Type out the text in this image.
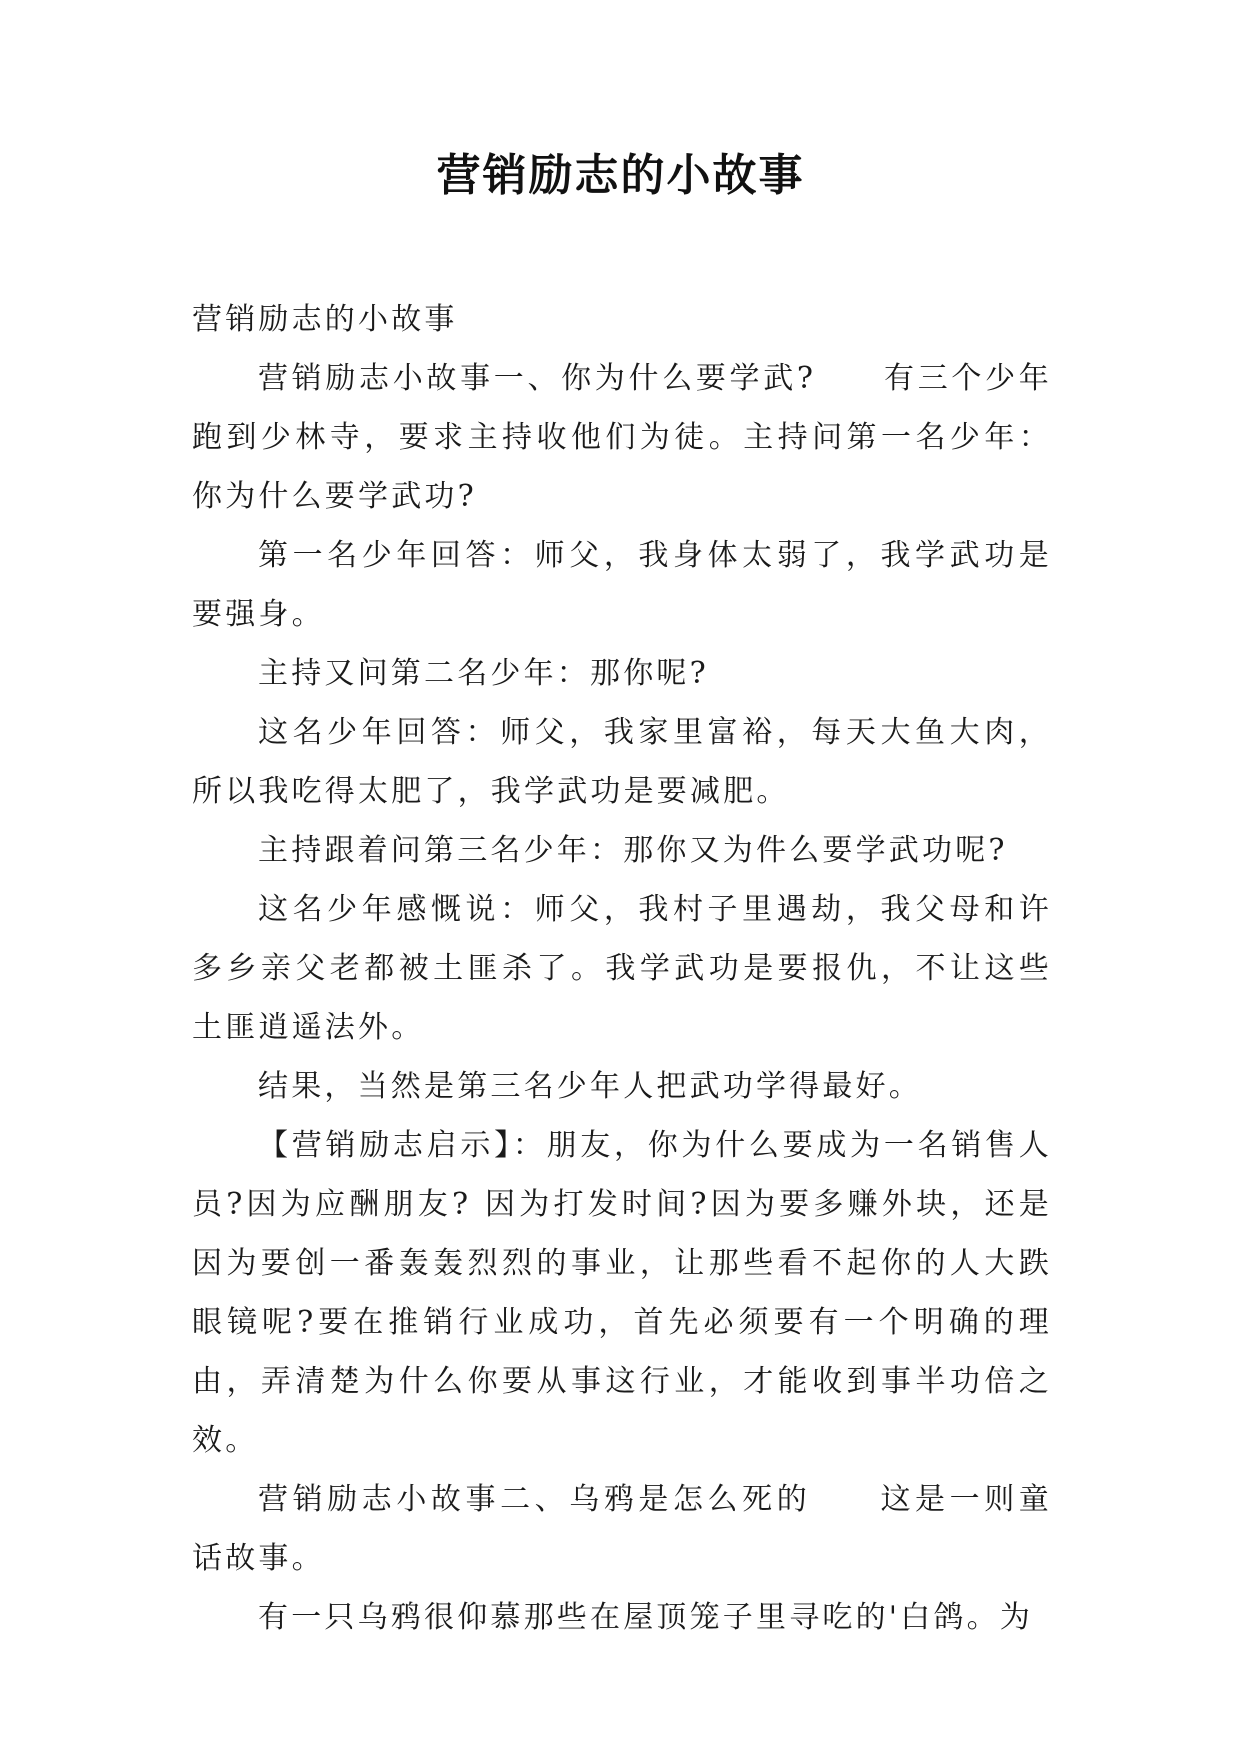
营销励志的小故事

营销励志的小故事

营销励志小故事一、你为什么要学武?　　有三个少年跑到少林寺，要求主持收他们为徒。主持问第一名少年：你为什么要学武功?

第一名少年回答：师父，我身体太弱了，我学武功是要强身。

主持又问第二名少年：那你呢?

这名少年回答：师父，我家里富裕，每天大鱼大肉，所以我吃得太肥了，我学武功是要减肥。

主持跟着问第三名少年：那你又为件么要学武功呢?

这名少年感慨说：师父，我村子里遇劫，我父母和许多乡亲父老都被土匪杀了。我学武功是要报仇，不让这些土匪逍遥法外。

结果，当然是第三名少年人把武功学得最好。

【营销励志启示】：朋友，你为什么要成为一名销售人员?因为应酬朋友? 因为打发时间?因为要多赚外块，还是因为要创一番轰轰烈烈的事业，让那些看不起你的人大跌眼镜呢?要在推销行业成功，首先必须要有一个明确的理由，弄清楚为什么你要从事这行业，才能收到事半功倍之效。

营销励志小故事二、乌鸦是怎么死的　　这是一则童话故事。

有一只乌鸦很仰慕那些在屋顶笼子里寻吃的'白鸽。为
